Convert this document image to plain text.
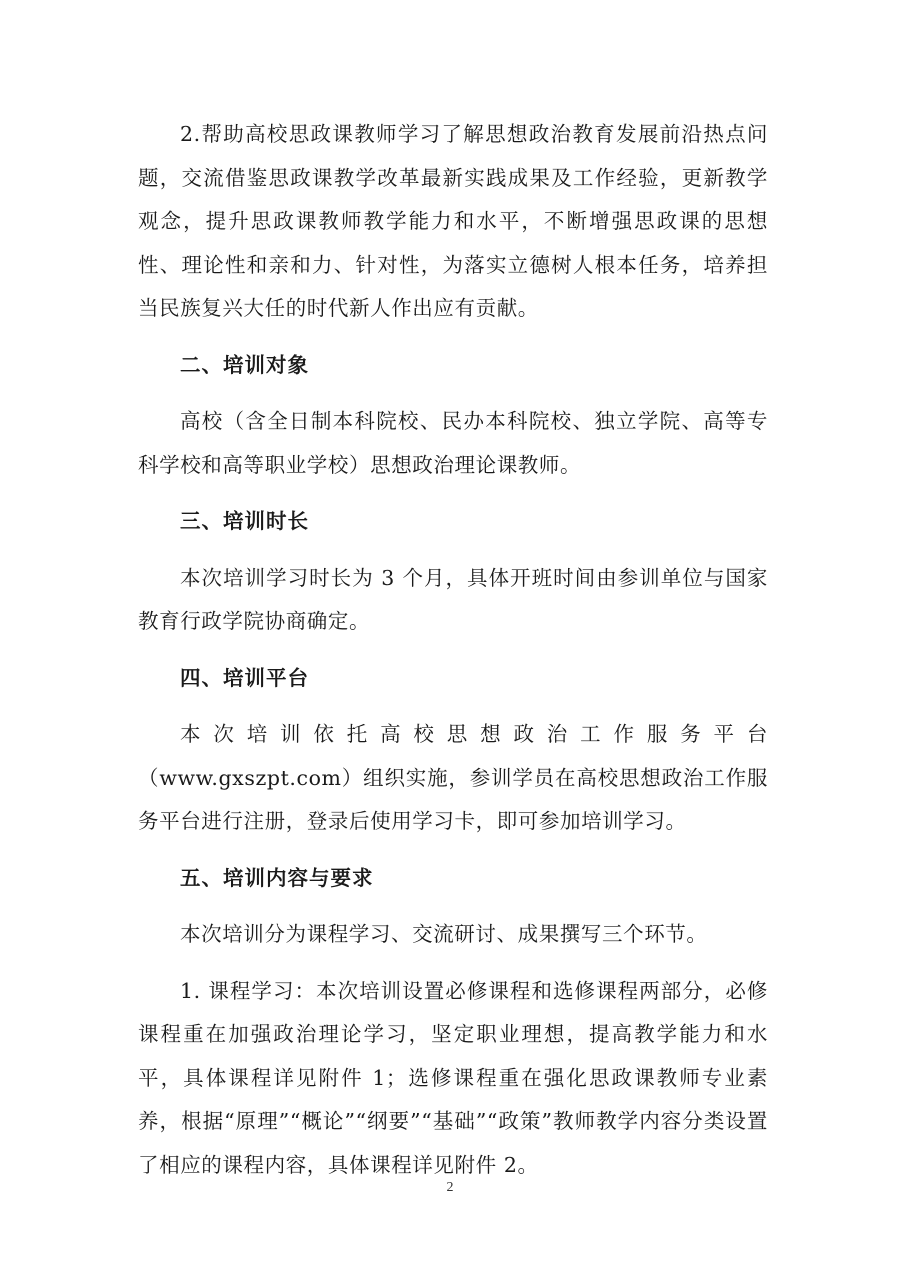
2.帮助高校思政课教师学习了解思想政治教育发展前沿热点问题，交流借鉴思政课教学改革最新实践成果及工作经验，更新教学观念，提升思政课教师教学能力和水平，不断增强思政课的思想性、理论性和亲和力、针对性，为落实立德树人根本任务，培养担当民族复兴大任的时代新人作出应有贡献。

二、培训对象

高校（含全日制本科院校、民办本科院校、独立学院、高等专科学校和高等职业学校）思想政治理论课教师。

三、培训时长

本次培训学习时长为 3 个月，具体开班时间由参训单位与国家教育行政学院协商确定。

四、培训平台

本次培训依托高校思想政治工作服务平台（www.gxszpt.com）组织实施，参训学员在高校思想政治工作服务平台进行注册，登录后使用学习卡，即可参加培训学习。

五、培训内容与要求

本次培训分为课程学习、交流研讨、成果撰写三个环节。

1. 课程学习：本次培训设置必修课程和选修课程两部分，必修课程重在加强政治理论学习，坚定职业理想，提高教学能力和水平，具体课程详见附件 1；选修课程重在强化思政课教师专业素养，根据“原理”“概论”“纲要”“基础”“政策”教师教学内容分类设置了相应的课程内容，具体课程详见附件 2。

2
